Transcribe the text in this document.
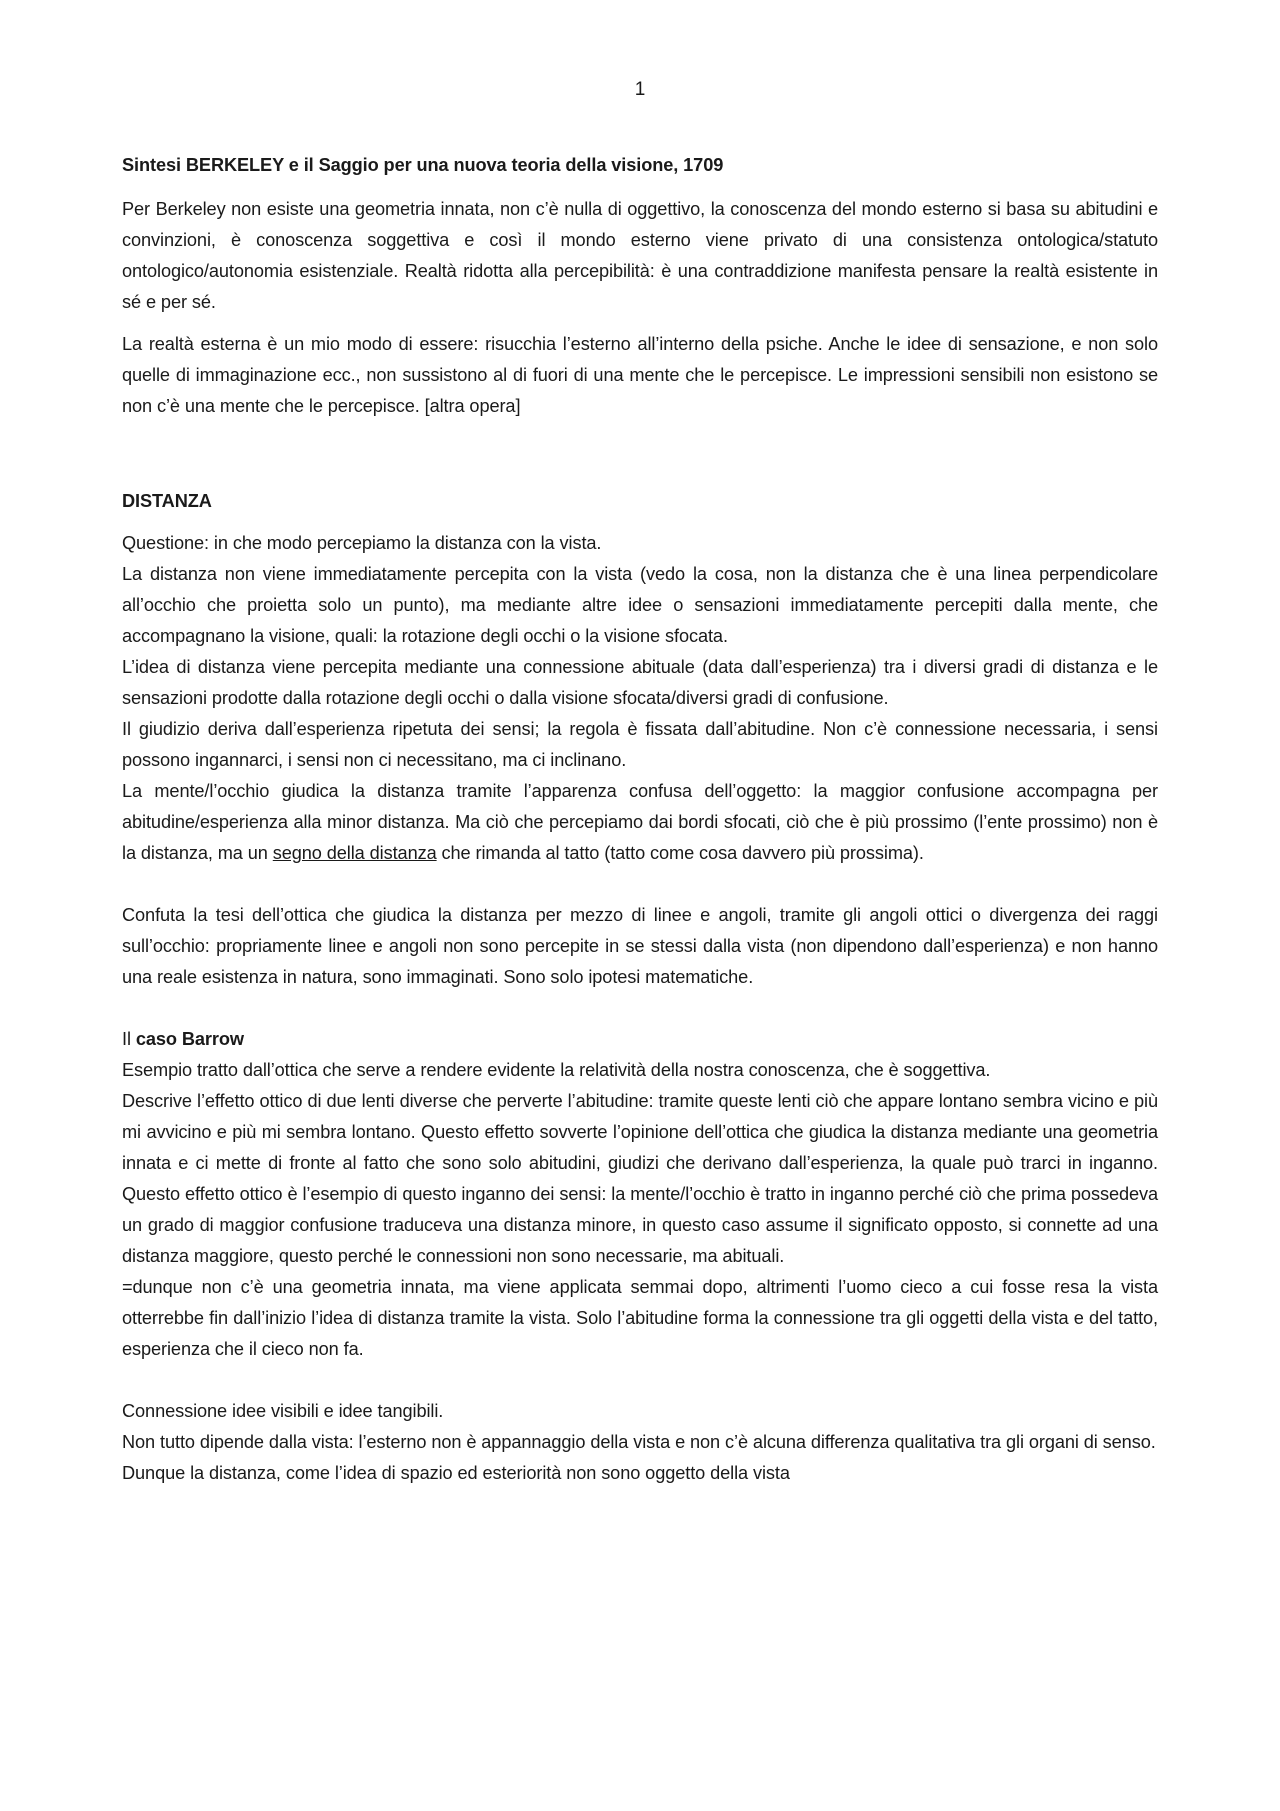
1

Sintesi BERKELEY e il Saggio per una nuova teoria della visione, 1709

Per Berkeley non esiste una geometria innata, non c’è nulla di oggettivo, la conoscenza del mondo esterno si basa su abitudini e convinzioni, è conoscenza soggettiva e così il mondo esterno viene privato di una consistenza ontologica/statuto ontologico/autonomia esistenziale. Realtà ridotta alla percepibilità: è una contraddizione manifesta pensare la realtà esistente in sé e per sé.

La realtà esterna è un mio modo di essere: risucchia l’esterno all’interno della psiche. Anche le idee di sensazione, e non solo quelle di immaginazione ecc., non sussistono al di fuori di una mente che le percepisce. Le impressioni sensibili non esistono se non c’è una mente che le percepisce. [altra opera]

DISTANZA

Questione: in che modo percepiamo la distanza con la vista.

La distanza non viene immediatamente percepita con la vista (vedo la cosa, non la distanza che è una linea perpendicolare all’occhio che proietta solo un punto), ma mediante altre idee o sensazioni immediatamente percepiti dalla mente, che accompagnano la visione, quali: la rotazione degli occhi o la visione sfocata.

L’idea di distanza viene percepita mediante una connessione abituale (data dall’esperienza) tra i diversi gradi di distanza e le sensazioni prodotte dalla rotazione degli occhi o dalla visione sfocata/diversi gradi di confusione.

Il giudizio deriva dall’esperienza ripetuta dei sensi; la regola è fissata dall’abitudine. Non c’è connessione necessaria, i sensi possono ingannarci, i sensi non ci necessitano, ma ci inclinano.

La mente/l’occhio giudica la distanza tramite l’apparenza confusa dell’oggetto: la maggior confusione accompagna per abitudine/esperienza alla minor distanza. Ma ciò che percepiamo dai bordi sfocati, ciò che è più prossimo (l’ente prossimo) non è la distanza, ma un segno della distanza che rimanda al tatto (tatto come cosa davvero più prossima).

Confuta la tesi dell’ottica che giudica la distanza per mezzo di linee e angoli, tramite gli angoli ottici o divergenza dei raggi sull’occhio: propriamente linee e angoli non sono percepite in se stessi dalla vista (non dipendono dall’esperienza) e non hanno una reale esistenza in natura, sono immaginati. Sono solo ipotesi matematiche.

Il caso Barrow

Esempio tratto dall’ottica che serve a rendere evidente la relatività della nostra conoscenza, che è soggettiva.

Descrive l’effetto ottico di due lenti diverse che perverte l’abitudine: tramite queste lenti ciò che appare lontano sembra vicino e più mi avvicino e più mi sembra lontano. Questo effetto sovverte l’opinione dell’ottica che giudica la distanza mediante una geometria innata e ci mette di fronte al fatto che sono solo abitudini, giudizi che derivano dall’esperienza, la quale può trarci in inganno. Questo effetto ottico è l’esempio di questo inganno dei sensi: la mente/l’occhio è tratto in inganno perché ciò che prima possedeva un grado di maggior confusione traduceva una distanza minore, in questo caso assume il significato opposto, si connette ad una distanza maggiore, questo perché le connessioni non sono necessarie, ma abituali.

=dunque non c’è una geometria innata, ma viene applicata semmai dopo, altrimenti l’uomo cieco a cui fosse resa la vista otterrebbe fin dall’inizio l’idea di distanza tramite la vista. Solo l’abitudine forma la connessione tra gli oggetti della vista e del tatto, esperienza che il cieco non fa.

Connessione idee visibili e idee tangibili.

Non tutto dipende dalla vista: l’esterno non è appannaggio della vista e non c’è alcuna differenza qualitativa tra gli organi di senso. Dunque la distanza, come l’idea di spazio ed esteriorità non sono oggetto della vista
